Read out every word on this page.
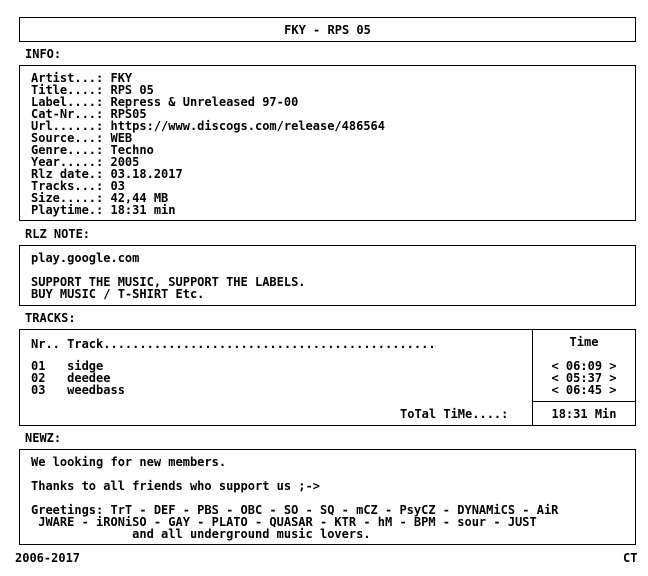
FKY - RPS 05
INFO:
Artist...: FKY
Title....: RPS 05
Label....: Repress & Unreleased 97-00
Cat-Nr...: RPS05
Url......: https://www.discogs.com/release/486564
Source...: WEB
Genre....: Techno
Year.....: 2005
Rlz date.: 03.18.2017
Tracks...: 03
Size.....: 42,44 MB
Playtime.: 18:31 min
RLZ NOTE:
play.google.com
SUPPORT THE MUSIC, SUPPORT THE LABELS.
BUY MUSIC / T-SHIRT Etc.
TRACKS:
Nr.. Track..............................................
01   sidge
02   deedee
03   weedbass
ToTal TiMe....:
Time
< 06:09 >
< 05:37 >
< 06:45 >
18:31 Min
NEWZ:
We looking for new members.
Thanks to all friends who support us ;->
Greetings: TrT - DEF - PBS - OBC - SO - SQ - mCZ - PsyCZ - DYNAMiCS - AiR
JWARE - iRONiSO - GAY - PLATO - QUASAR - KTR - hM - BPM - sour - JUST
and all underground music lovers.
2006-2017	CT
